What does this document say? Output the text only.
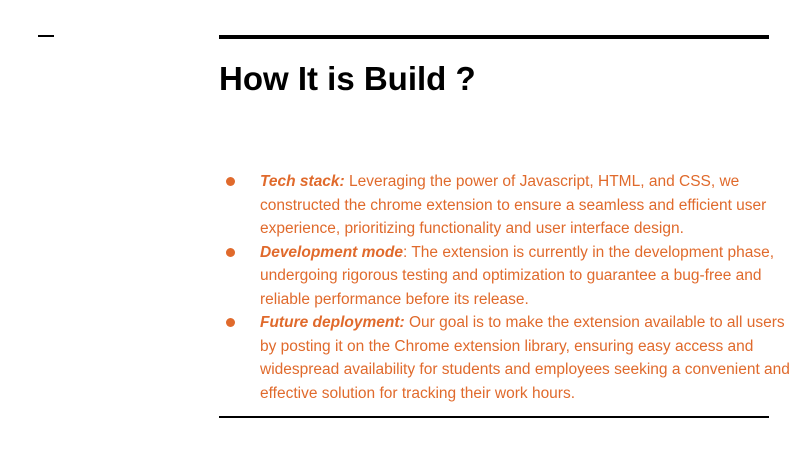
How It is Build ?
Tech stack: Leveraging the power of Javascript, HTML, and CSS, we constructed the chrome extension to ensure a seamless and efficient user experience, prioritizing functionality and user interface design.
Development mode: The extension is currently in the development phase, undergoing rigorous testing and optimization to guarantee a bug-free and reliable performance before its release.
Future deployment: Our goal is to make the extension available to all users by posting it on the Chrome extension library, ensuring easy access and widespread availability for students and employees seeking a convenient and effective solution for tracking their work hours.
